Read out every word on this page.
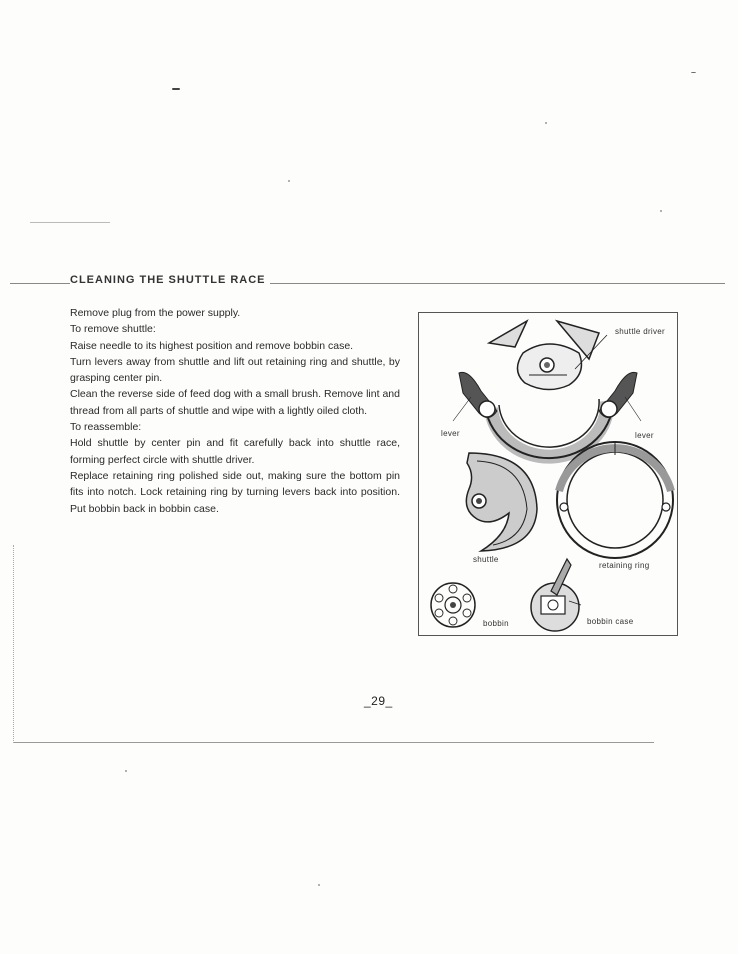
CLEANING THE SHUTTLE RACE

Remove plug from the power supply.

To remove shuttle:

Raise needle to its highest position and remove bobbin case.

Turn levers away from shuttle and lift out retaining ring and shuttle, by grasping center pin.

Clean the reverse side of feed dog with a small brush. Remove lint and thread from all parts of shuttle and wipe with a lightly oiled cloth.

To reassemble:

Hold shuttle by center pin and fit carefully back into shuttle race, forming perfect circle with shuttle driver.

Replace retaining ring polished side out, making sure the bottom pin fits into notch. Lock retaining ring by turning levers back into position. Put bobbin back in bobbin case.

shuttle driver
lever	lever
shuttle
retaining ring
bobbin	bobbin case
_29_
